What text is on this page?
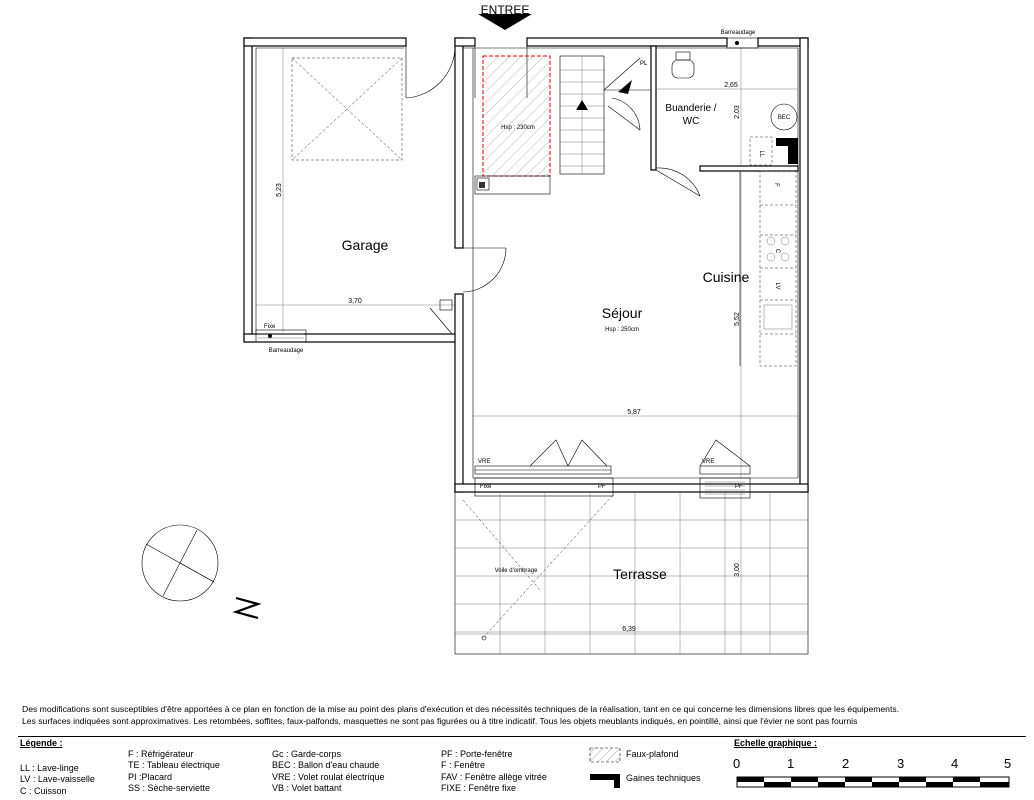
ENTREE
Hsp : 230cm
PL
Buanderie /
WC	BEC
LL
Barreaudage
F
LV
C
Garage
Séjour
Hsp : 250cm
Cuisine
5,87
VRE
Fixe	PF
VRE
PF
Fixe
Barreaudage
3,70
5,23
2,65
2,03
5,52
Voile d'ombrage	Terrasse
6,39
3,00
Des modifications sont susceptibles d'être apportées à ce plan en fonction de la mise au point des plans d'exécution et des nécessités techniques de la réalisation, tant en ce qui concerne les dimensions libres que les équipements.
Les surfaces indiquées sont approximatives. Les retombées, soffites, faux-palfonds, masquettes ne sont pas figurées ou à titre indicatif. Tous les objets meublants indiqués, en pointillé, ainsi que l'évier ne sont pas fournis
Légende :
LL : Lave-linge
LV : Lave-vaisselle
C : Cuisson
F : Réfrigérateur
TE : Tableau électrique
PI :Placard
SS : Sèche-serviette
Gc : Garde-corps
BEC : Ballon d'eau chaude
VRE : Volet roulat électrique
VB : Volet battant
PF : Porte-fenêtre
F : Fenêtre
FAV : Fenêtre allège vitrée
FIXE : Fenêtre fixe
Faux-plafond
Gaines techniques
Echelle graphique :
0	1	2	3	4	5
